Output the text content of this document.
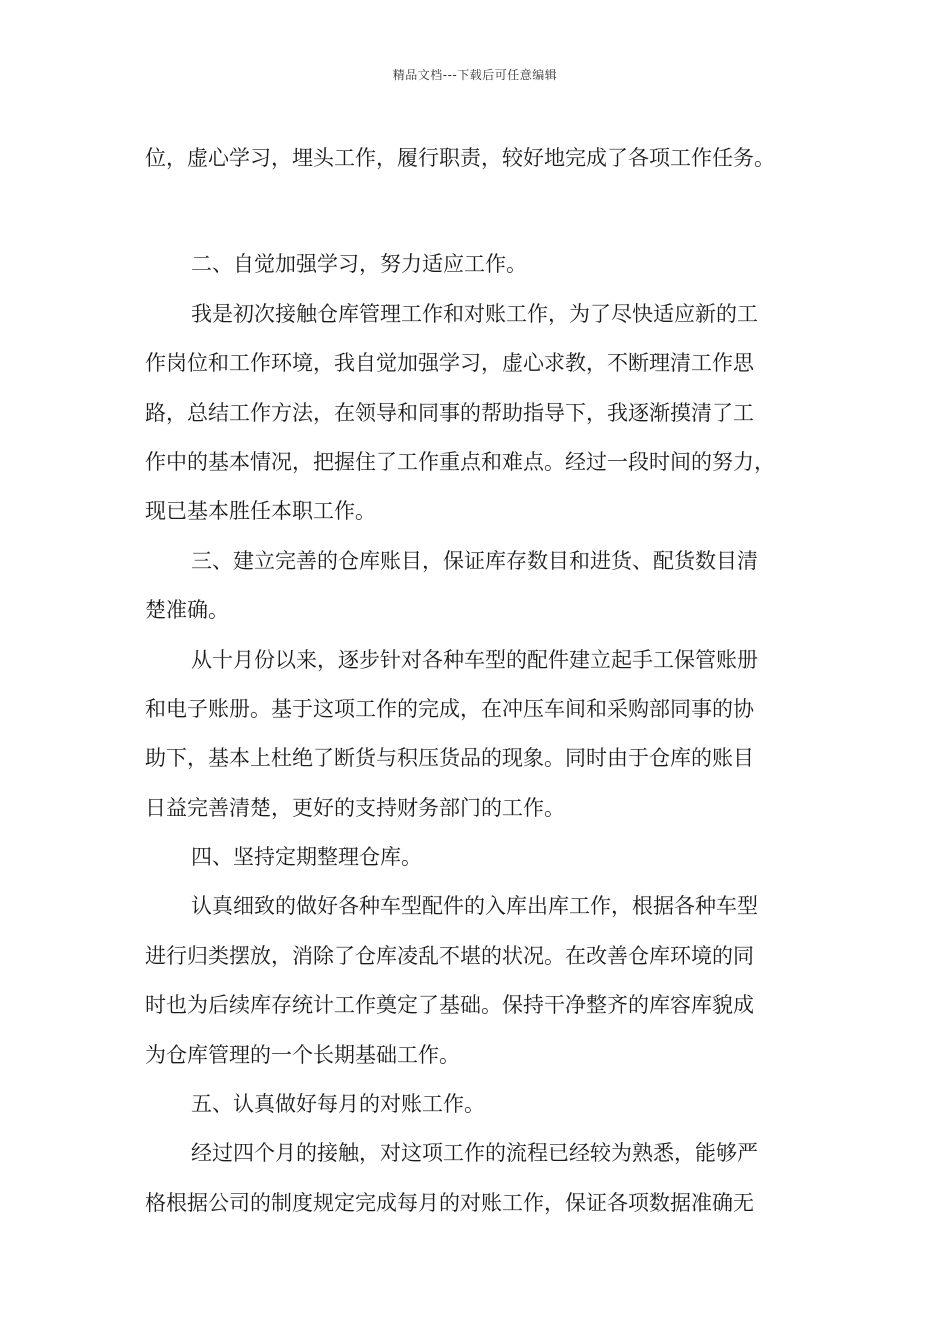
精品文档---下载后可任意编辑
位，虚心学习，埋头工作，履行职责，较好地完成了各项工作任务。
二、自觉加强学习，努力适应工作。
我是初次接触仓库管理工作和对账工作，为了尽快适应新的工
作岗位和工作环境，我自觉加强学习，虚心求教，不断理清工作思
路，总结工作方法，在领导和同事的帮助指导下，我逐渐摸清了工
作中的基本情况，把握住了工作重点和难点。经过一段时间的努力，
现已基本胜任本职工作。
三、建立完善的仓库账目，保证库存数目和进货、配货数目清
楚准确。
从十月份以来，逐步针对各种车型的配件建立起手工保管账册
和电子账册。基于这项工作的完成，在冲压车间和采购部同事的协
助下，基本上杜绝了断货与积压货品的现象。同时由于仓库的账目
日益完善清楚，更好的支持财务部门的工作。
四、坚持定期整理仓库。
认真细致的做好各种车型配件的入库出库工作，根据各种车型
进行归类摆放，消除了仓库凌乱不堪的状况。在改善仓库环境的同
时也为后续库存统计工作奠定了基础。保持干净整齐的库容库貌成
为仓库管理的一个长期基础工作。
五、认真做好每月的对账工作。
经过四个月的接触，对这项工作的流程已经较为熟悉，能够严
格根据公司的制度规定完成每月的对账工作，保证各项数据准确无
